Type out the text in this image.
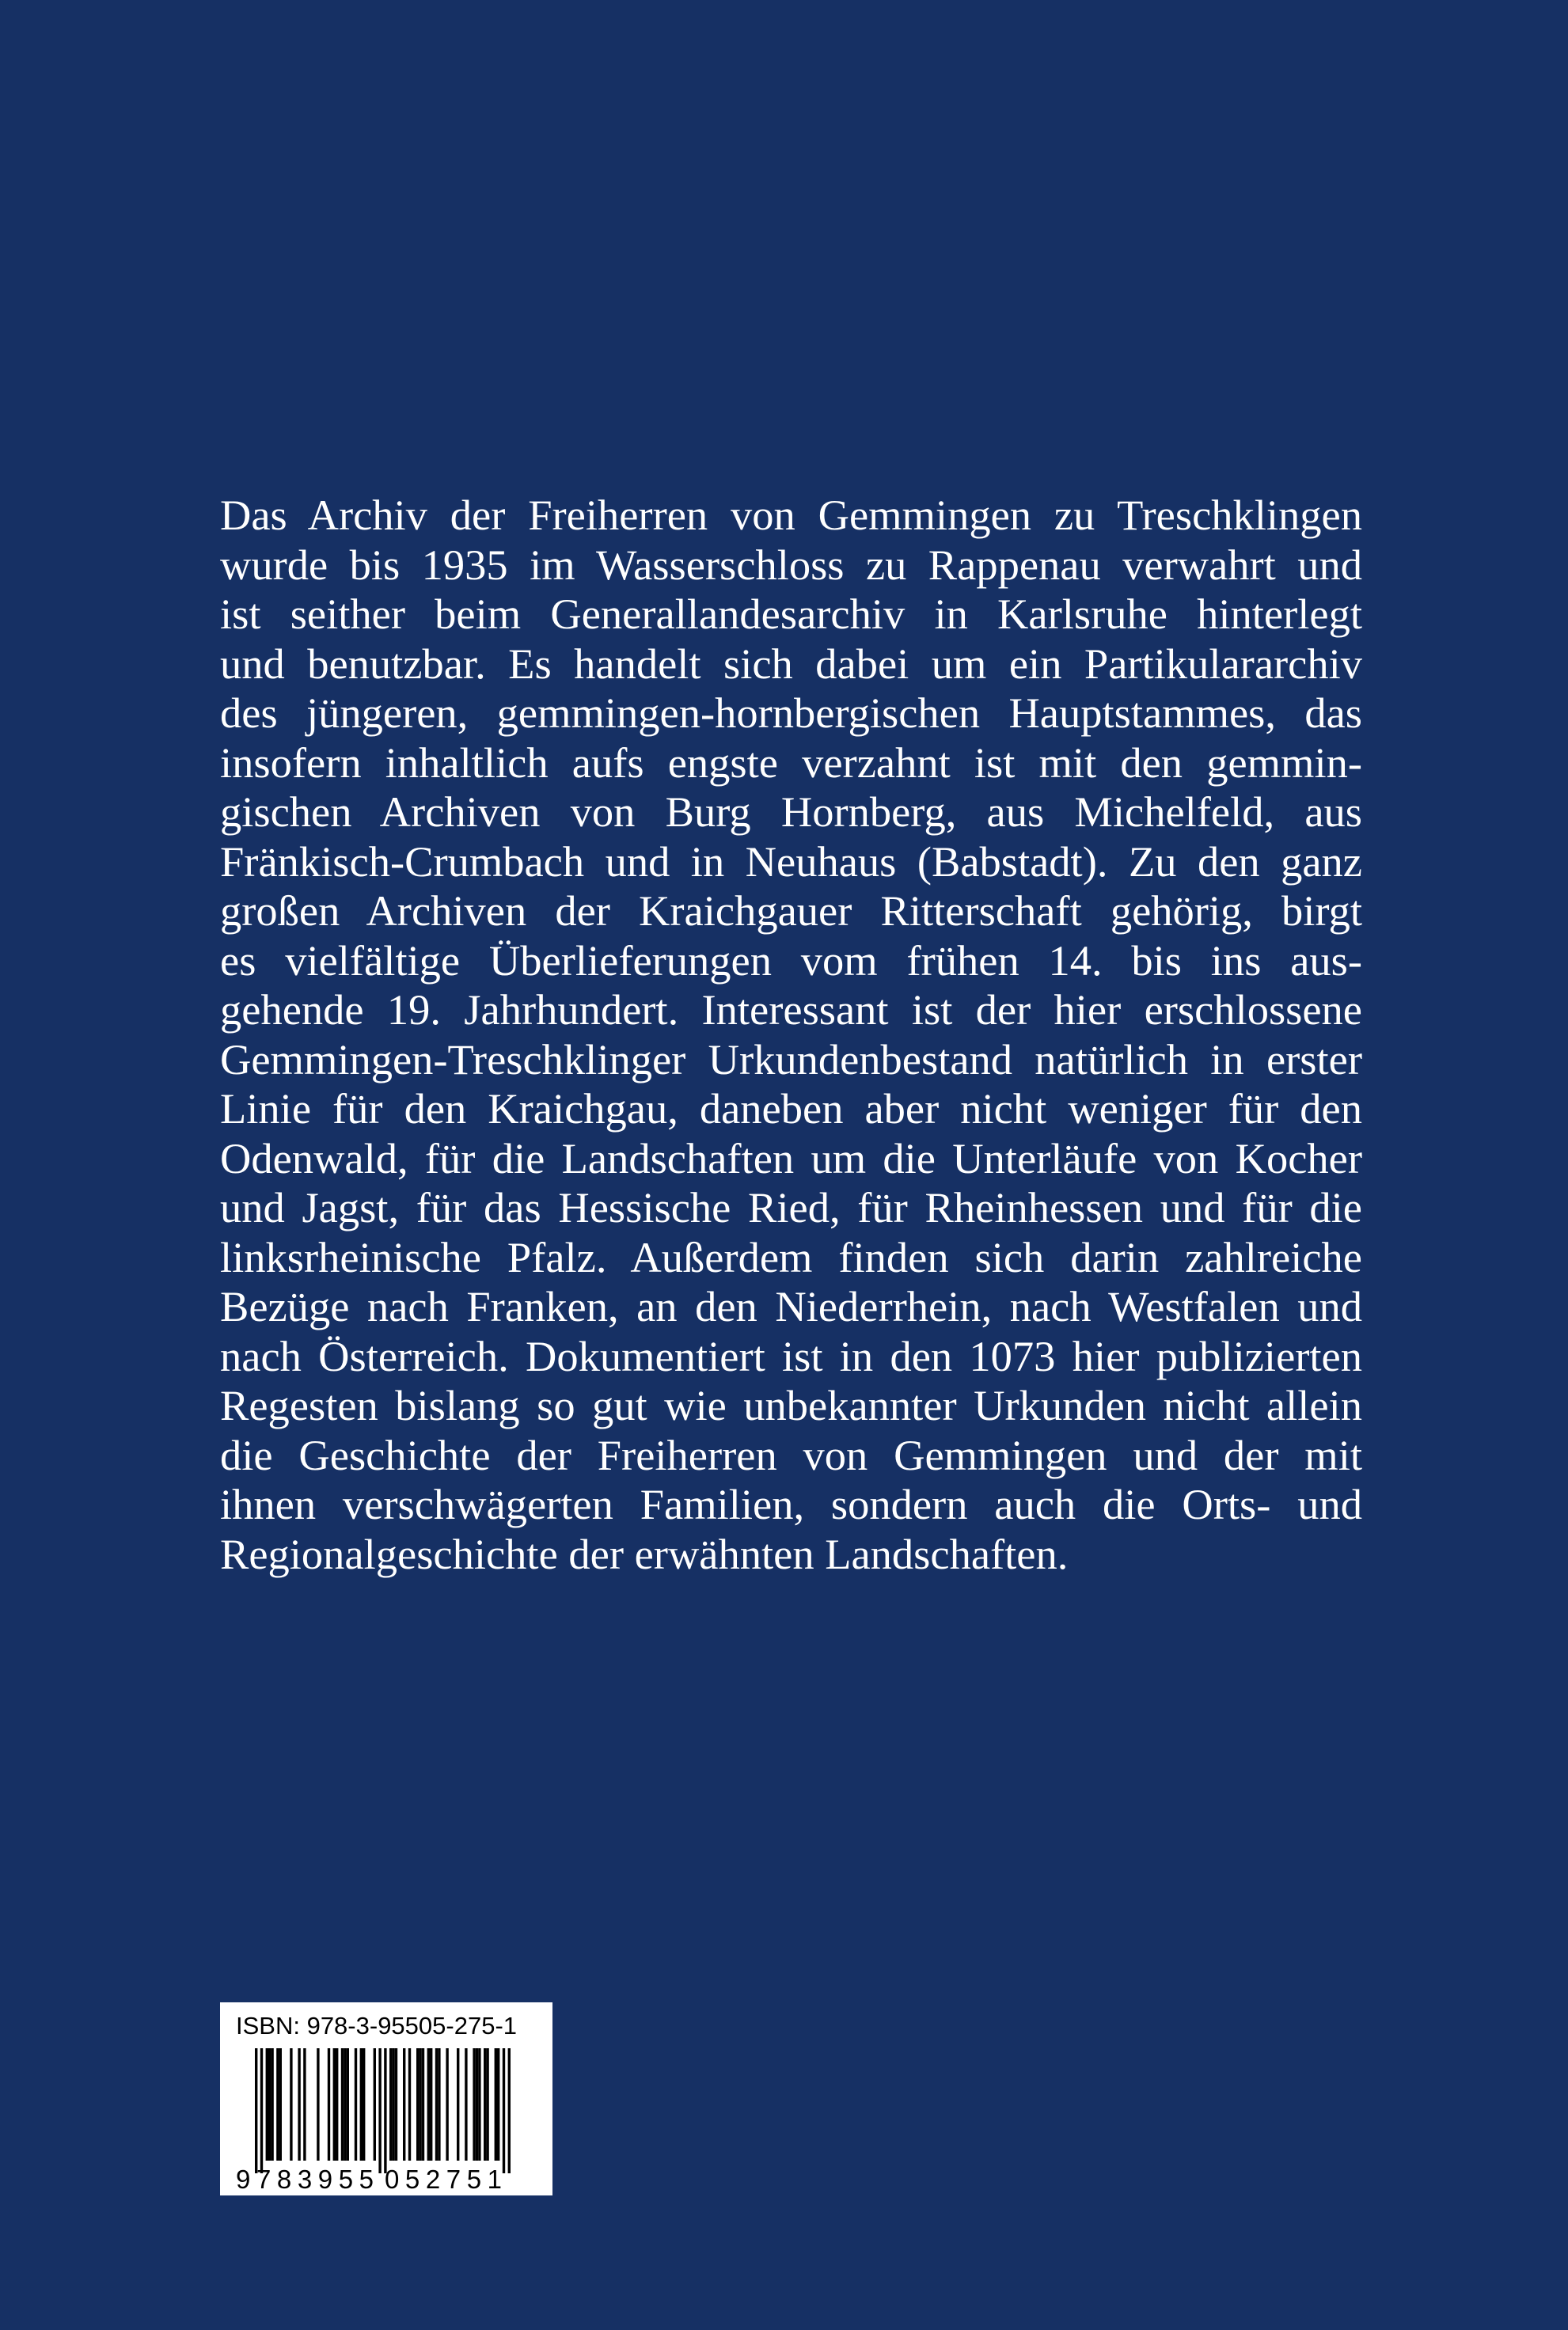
Das Archiv der Freiherren von Gemmingen zu Treschklingen
wurde bis 1935 im Wasserschloss zu Rappenau verwahrt und
ist seither beim Generallandesarchiv in Karlsruhe hinterlegt
und benutzbar. Es handelt sich dabei um ein Partikulararchiv
des jüngeren, gemmingen-hornbergischen Hauptstammes, das
insofern inhaltlich aufs engste verzahnt ist mit den gemmin-
gischen Archiven von Burg Hornberg, aus Michelfeld, aus
Fränkisch-Crumbach und in Neuhaus (Babstadt). Zu den ganz
großen Archiven der Kraichgauer Ritterschaft gehörig, birgt
es vielfältige Überlieferungen vom frühen 14. bis ins aus-
gehende 19. Jahrhundert. Interessant ist der hier erschlossene
Gemmingen-Treschklinger Urkundenbestand natürlich in erster
Linie für den Kraichgau, daneben aber nicht weniger für den
Odenwald, für die Landschaften um die Unterläufe von Kocher
und Jagst, für das Hessische Ried, für Rheinhessen und für die
linksrheinische Pfalz. Außerdem finden sich darin zahlreiche
Bezüge nach Franken, an den Niederrhein, nach Westfalen und
nach Österreich. Dokumentiert ist in den 1073 hier publizierten
Regesten bislang so gut wie unbekannter Urkunden nicht allein
die Geschichte der Freiherren von Gemmingen und der mit
ihnen verschwägerten Familien, sondern auch die Orts- und
Regionalgeschichte der erwähnten Landschaften.
ISBN: 978-3-95505-275-1
9 783955 052751
